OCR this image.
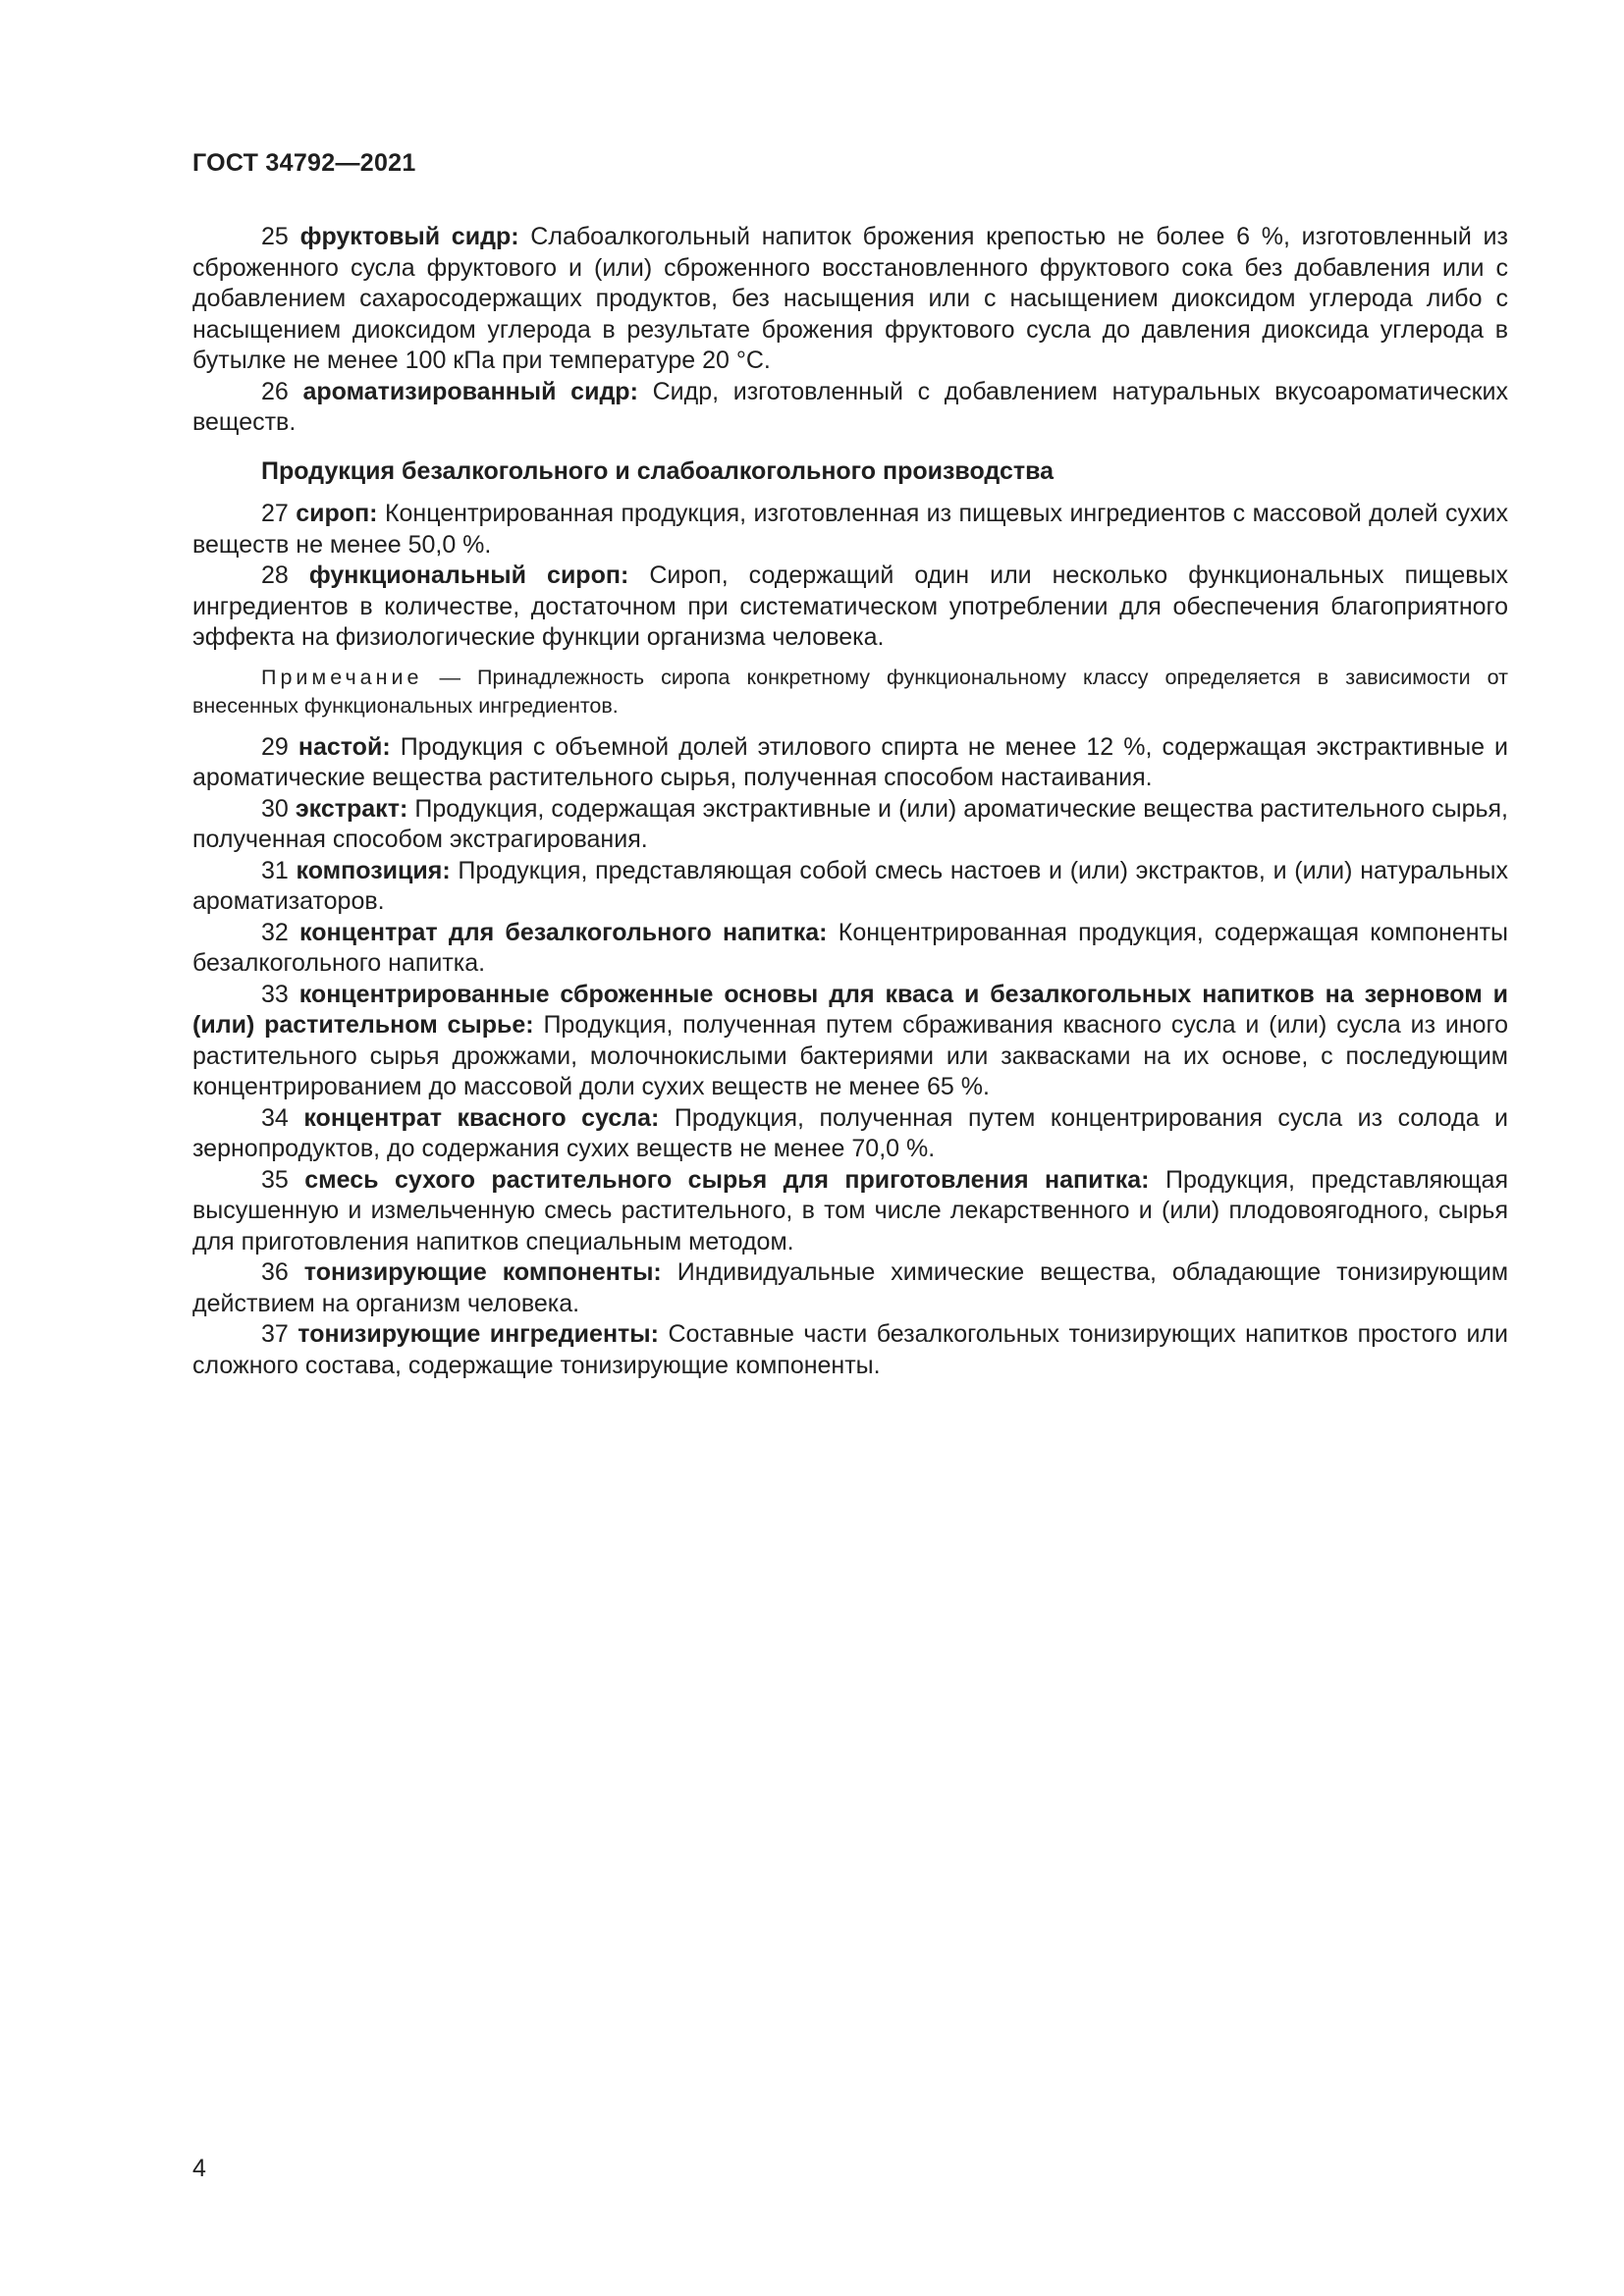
ГОСТ 34792—2021

25 фруктовый сидр: Слабоалкогольный напиток брожения крепостью не более 6 %, изготовленный из сброженного сусла фруктового и (или) сброженного восстановленного фруктового сока без добавления или с добавлением сахаросодержащих продуктов, без насыщения или с насыщением диоксидом углерода либо с насыщением диоксидом углерода в результате брожения фруктового сусла до давления диоксида углерода в бутылке не менее 100 кПа при температуре 20 °С.

26 ароматизированный сидр: Сидр, изготовленный с добавлением натуральных вкусоароматических веществ.

Продукция безалкогольного и слабоалкогольного производства

27 сироп: Концентрированная продукция, изготовленная из пищевых ингредиентов с массовой долей сухих веществ не менее 50,0 %.

28 функциональный сироп: Сироп, содержащий один или несколько функциональных пищевых ингредиентов в количестве, достаточном при систематическом употреблении для обеспечения благоприятного эффекта на физиологические функции организма человека.

Примечание — Принадлежность сиропа конкретному функциональному классу определяется в зависимости от внесенных функциональных ингредиентов.

29 настой: Продукция с объемной долей этилового спирта не менее 12 %, содержащая экстрактивные и ароматические вещества растительного сырья, полученная способом настаивания.

30 экстракт: Продукция, содержащая экстрактивные и (или) ароматические вещества растительного сырья, полученная способом экстрагирования.

31 композиция: Продукция, представляющая собой смесь настоев и (или) экстрактов, и (или) натуральных ароматизаторов.

32 концентрат для безалкогольного напитка: Концентрированная продукция, содержащая компоненты безалкогольного напитка.

33 концентрированные сброженные основы для кваса и безалкогольных напитков на зерновом и (или) растительном сырье: Продукция, полученная путем сбраживания квасного сусла и (или) сусла из иного растительного сырья дрожжами, молочнокислыми бактериями или заквасками на их основе, с последующим концентрированием до массовой доли сухих веществ не менее 65 %.

34 концентрат квасного сусла: Продукция, полученная путем концентрирования сусла из солода и зернопродуктов, до содержания сухих веществ не менее 70,0 %.

35 смесь сухого растительного сырья для приготовления напитка: Продукция, представляющая высушенную и измельченную смесь растительного, в том числе лекарственного и (или) плодовоягодного, сырья для приготовления напитков специальным методом.

36 тонизирующие компоненты: Индивидуальные химические вещества, обладающие тонизирующим действием на организм человека.

37 тонизирующие ингредиенты: Составные части безалкогольных тонизирующих напитков простого или сложного состава, содержащие тонизирующие компоненты.

4
